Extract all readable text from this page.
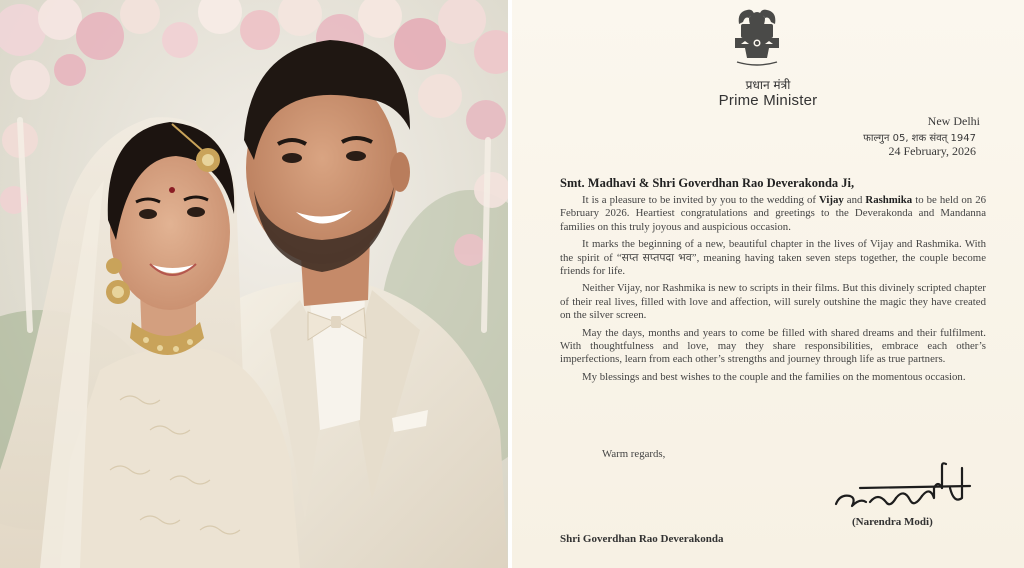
प्रधान मंत्री
Prime Minister
New Delhi
फाल्गुन 05, शक संवत् 1947
24 February, 2026
Smt. Madhavi & Shri Goverdhan Rao Deverakonda Ji,

It is a pleasure to be invited by you to the wedding of Vijay and Rashmika to be held on 26 February 2026. Heartiest congratulations and greetings to the Deverakonda and Mandanna families on this truly joyous and auspicious occasion.

It marks the beginning of a new, beautiful chapter in the lives of Vijay and Rashmika. With the spirit of “सप्त सप्तपदा भव”, meaning having taken seven steps together, the couple become friends for life.

Neither Vijay, nor Rashmika is new to scripts in their films. But this divinely scripted chapter of their real lives, filled with love and affection, will surely outshine the magic they have created on the silver screen.

May the days, months and years to come be filled with shared dreams and their fulfilment. With thoughtfulness and love, may they share responsibilities, embrace each other’s imperfections, learn from each other’s strengths and journey through life as true partners.

My blessings and best wishes to the couple and the families on the momentous occasion.

Warm regards,
(Narendra Modi)
Shri Goverdhan Rao Deverakonda
